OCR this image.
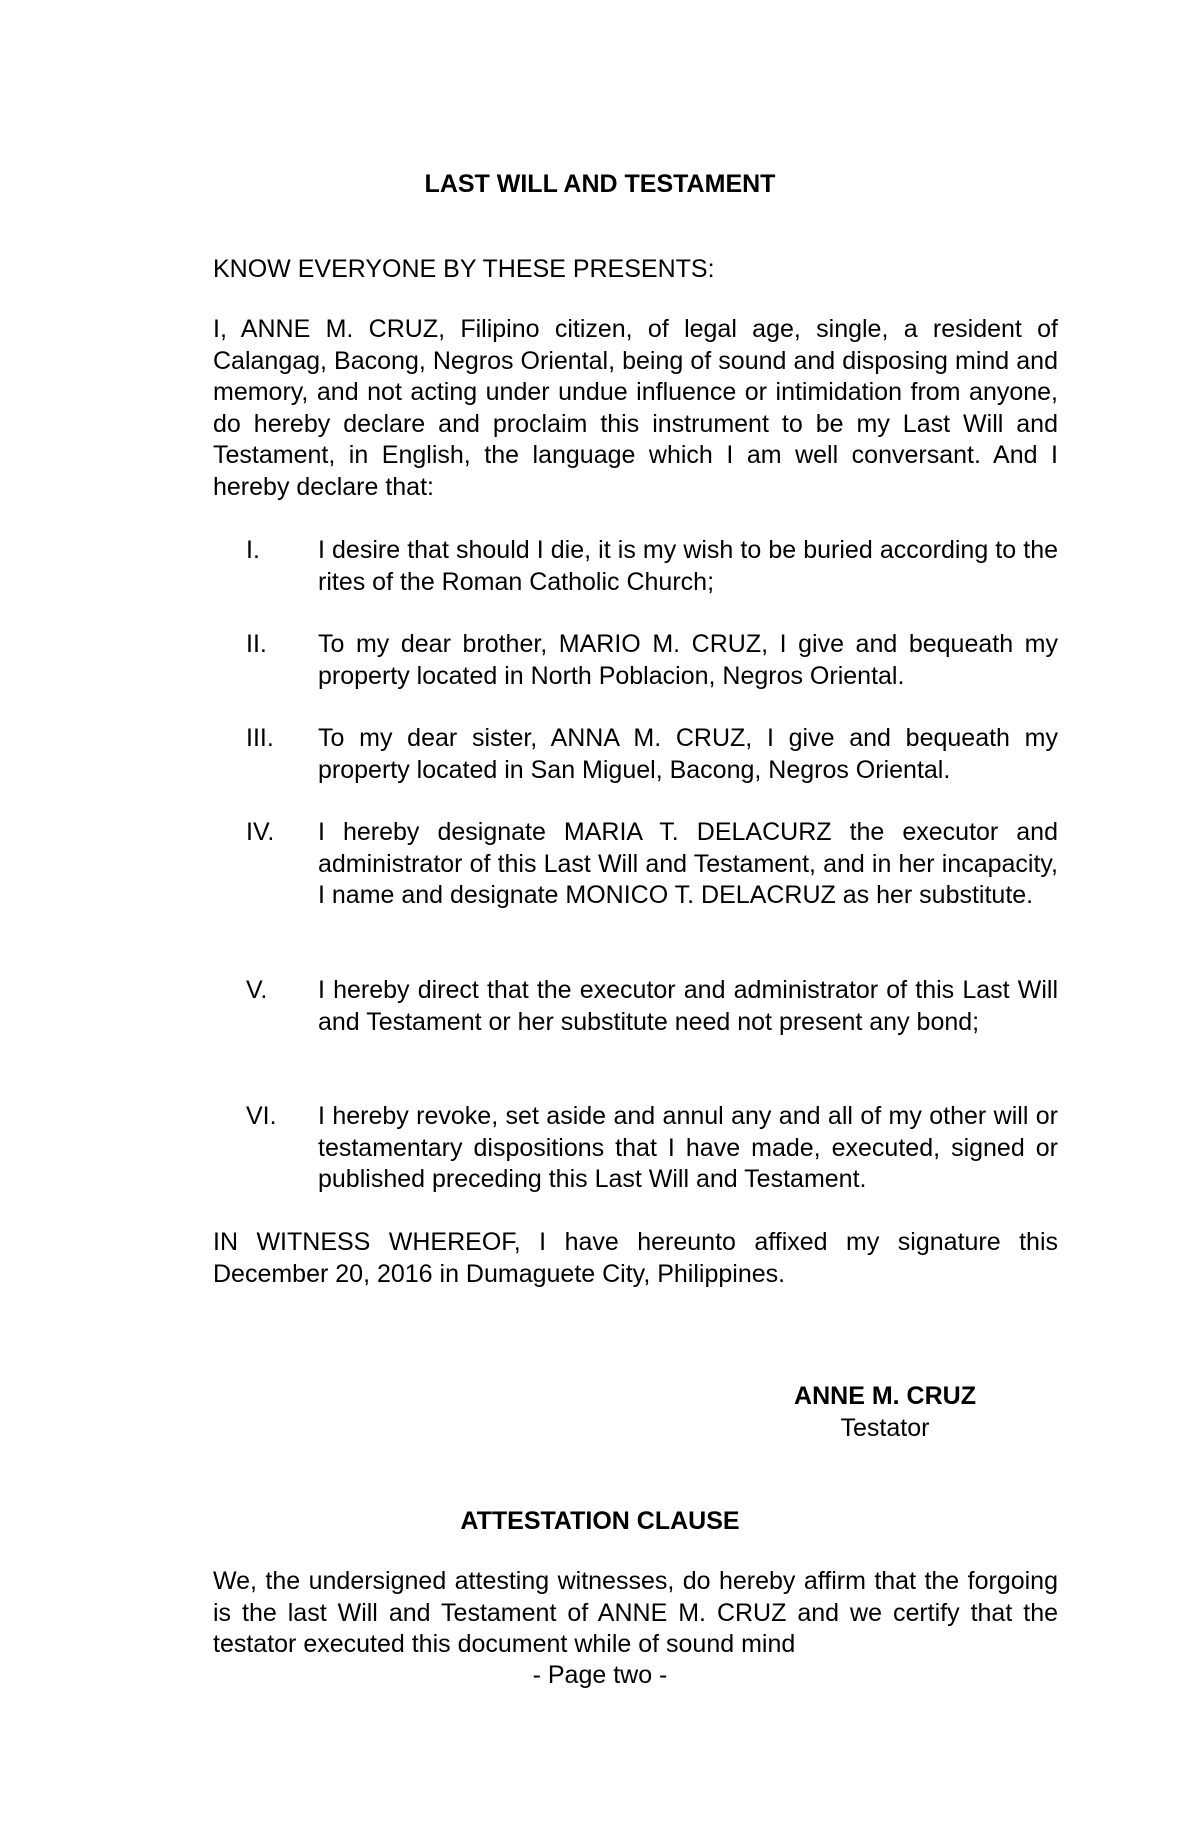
LAST WILL AND TESTAMENT

KNOW EVERYONE BY THESE PRESENTS:

I, ANNE M. CRUZ, Filipino citizen, of legal age, single, a resident of Calangag, Bacong, Negros Oriental, being of sound and disposing mind and memory, and not acting under undue influence or intimidation from anyone, do hereby declare and proclaim this instrument to be my Last Will and Testament, in English, the language which I am well conversant. And I hereby declare that:

I. I desire that should I die, it is my wish to be buried according to the rites of the Roman Catholic Church;

II. To my dear brother, MARIO M. CRUZ, I give and bequeath my property located in North Poblacion, Negros Oriental.

III. To my dear sister, ANNA M. CRUZ, I give and bequeath my property located in San Miguel, Bacong, Negros Oriental.

IV. I hereby designate MARIA T. DELACURZ the executor and administrator of this Last Will and Testament, and in her incapacity, I name and designate MONICO T. DELACRUZ as her substitute.

V. I hereby direct that the executor and administrator of this Last Will and Testament or her substitute need not present any bond;

VI. I hereby revoke, set aside and annul any and all of my other will or testamentary dispositions that I have made, executed, signed or published preceding this Last Will and Testament.

IN WITNESS WHEREOF, I have hereunto affixed my signature this December 20, 2016 in Dumaguete City, Philippines.

ANNE M. CRUZ
Testator
ATTESTATION CLAUSE

We, the undersigned attesting witnesses, do hereby affirm that the forgoing is the last Will and Testament of ANNE M. CRUZ and we certify that the testator executed this document while of sound mind

- Page two -
